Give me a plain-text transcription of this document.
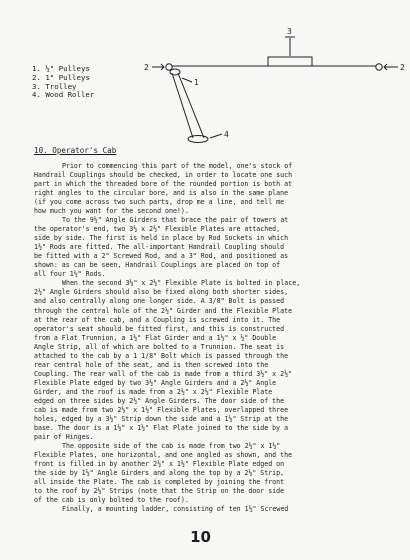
1. ½" Pulleys
2. 1" Pulleys
3. Trolley
4. Wood Roller
3
2	2
1
4
10. Operator's Cab

Prior to commencing this part of the model, one's stock of
Handrail Couplings should be checked, in order to locate one such
part in which the threaded bore of the rounded portion is both at
right angles to the circular bore, and is also in the same plane
(if you come across two such parts, drop me a line, and tell me
how much you want for the second one!).
To the 9½" Angle Girders that brace the pair of towers at
the operator's end, two 3½ x 2½" Flexible Plates are attached,
side by side. The first is held in place by Rod Sockets in which
1½" Rods are fitted. The all-important Handrail Coupling should
be fitted with a 2" Screwed Rod, and a 3" Rod, and positioned as
shown: as can be seen, Handrail Couplings are placed on top of
all four 1½" Rods.

When the second 3½" x 2½" Flexible Plate is bolted in place,
2½" Angle Girders should also be fixed along both shorter sides,
and also centrally along one longer side. A 3/8" Bolt is passed
through the central hole of the 2½" Girder and the Flexible Plate
at the rear of the cab, and a Coupling is screwed into it. The
operator's seat should be fitted first, and this is constructed
from a Flat Trunnion, a 1½" Flat Girder and a 1½" x ½" Double
Angle Strip, all of which are bolted to a Trunnion. The seat is
attached to the cab by a 1 1/8" Bolt which is passed through the
rear central hole of the seat, and is then screwed into the
Coupling. The rear wall of the cab is made from a third 3½" x 2½"
Flexible Plate edged by two 3½" Angle Girders and a 2½" Angle
Girder, and the roof is made from a 2½" x 2½" Flexible Plate
edged on three sides by 2½" Angle Girders. The door side of the
cab is made from two 2½" x 1½" Flexible Plates, overlapped three
holes, edged by a 3½" Strip down the side and a 1½" Strip at the
base. The door is a 1½" x 1½" Flat Plate joined to the side by a
pair of Hinges.

The opposite side of the cab is made from two 2½" x 1½"
Flexible Plates, one horizontal, and one angled as shown, and the
front is filled in by another 2½" x 1½" Flexible Plate edged on
the side by 1½" Angle Girders and along the top by a 2½" Strip,
all inside the Plate. The cab is completed by joining the front
to the roof by 2½" Strips (note that the Strip on the door side
of the cab is only bolted to the roof).

Finally, a mounting ladder, consisting of ten 1½" Screwed

10
